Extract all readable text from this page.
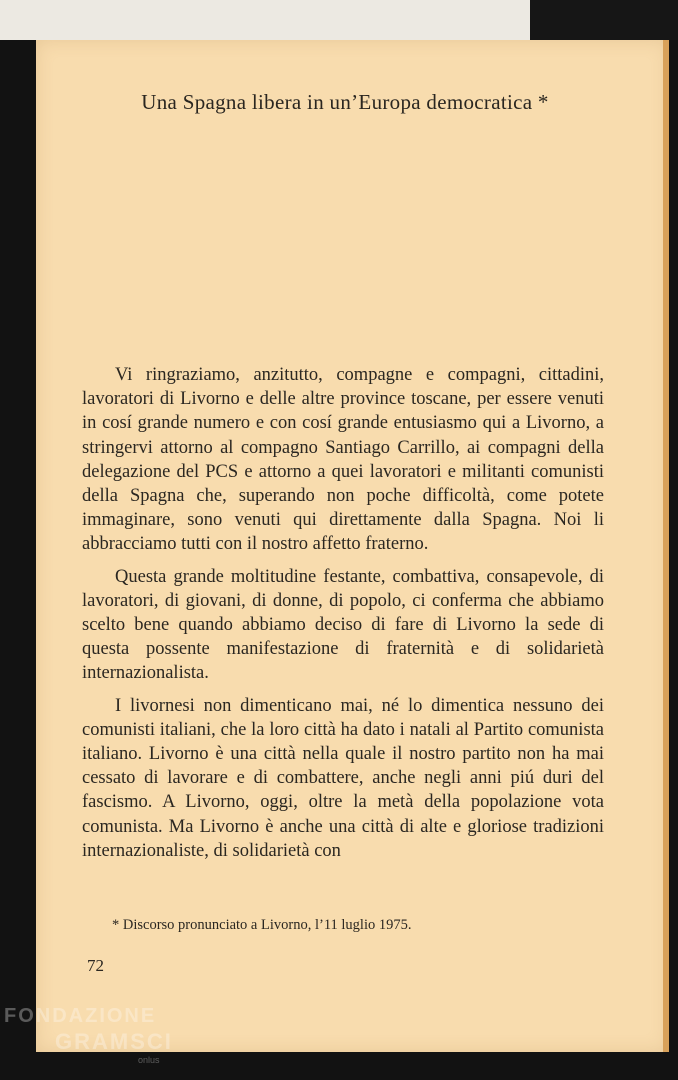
Una Spagna libera in un’Europa democratica *

Vi ringraziamo, anzitutto, compagne e compagni, cittadini, lavoratori di Livorno e delle altre province toscane, per essere venuti in cosí grande numero e con cosí grande entusiasmo qui a Livorno, a stringervi attorno al compagno Santiago Carrillo, ai compagni della delegazione del PCS e attorno a quei lavoratori e militanti comunisti della Spagna che, superando non poche difficoltà, come potete immaginare, sono venuti qui direttamente dalla Spagna. Noi li abbracciamo tutti con il nostro affetto fraterno.

Questa grande moltitudine festante, combattiva, consapevole, di lavoratori, di giovani, di donne, di popolo, ci conferma che abbiamo scelto bene quando abbiamo deciso di fare di Livorno la sede di questa possente manifestazione di fraternità e di solidarietà internazionalista.

I livornesi non dimenticano mai, né lo dimentica nessuno dei comunisti italiani, che la loro città ha dato i natali al Partito comunista italiano. Livorno è una città nella quale il nostro partito non ha mai cessato di lavorare e di combattere, anche negli anni piú duri del fascismo. A Livorno, oggi, oltre la metà della popolazione vota comunista. Ma Livorno è anche una città di alte e gloriose tradizioni internazionaliste, di solidarietà con

* Discorso pronunciato a Livorno, l’11 luglio 1975.
72
FONDAZIONE
GRAMSCI
onlus
